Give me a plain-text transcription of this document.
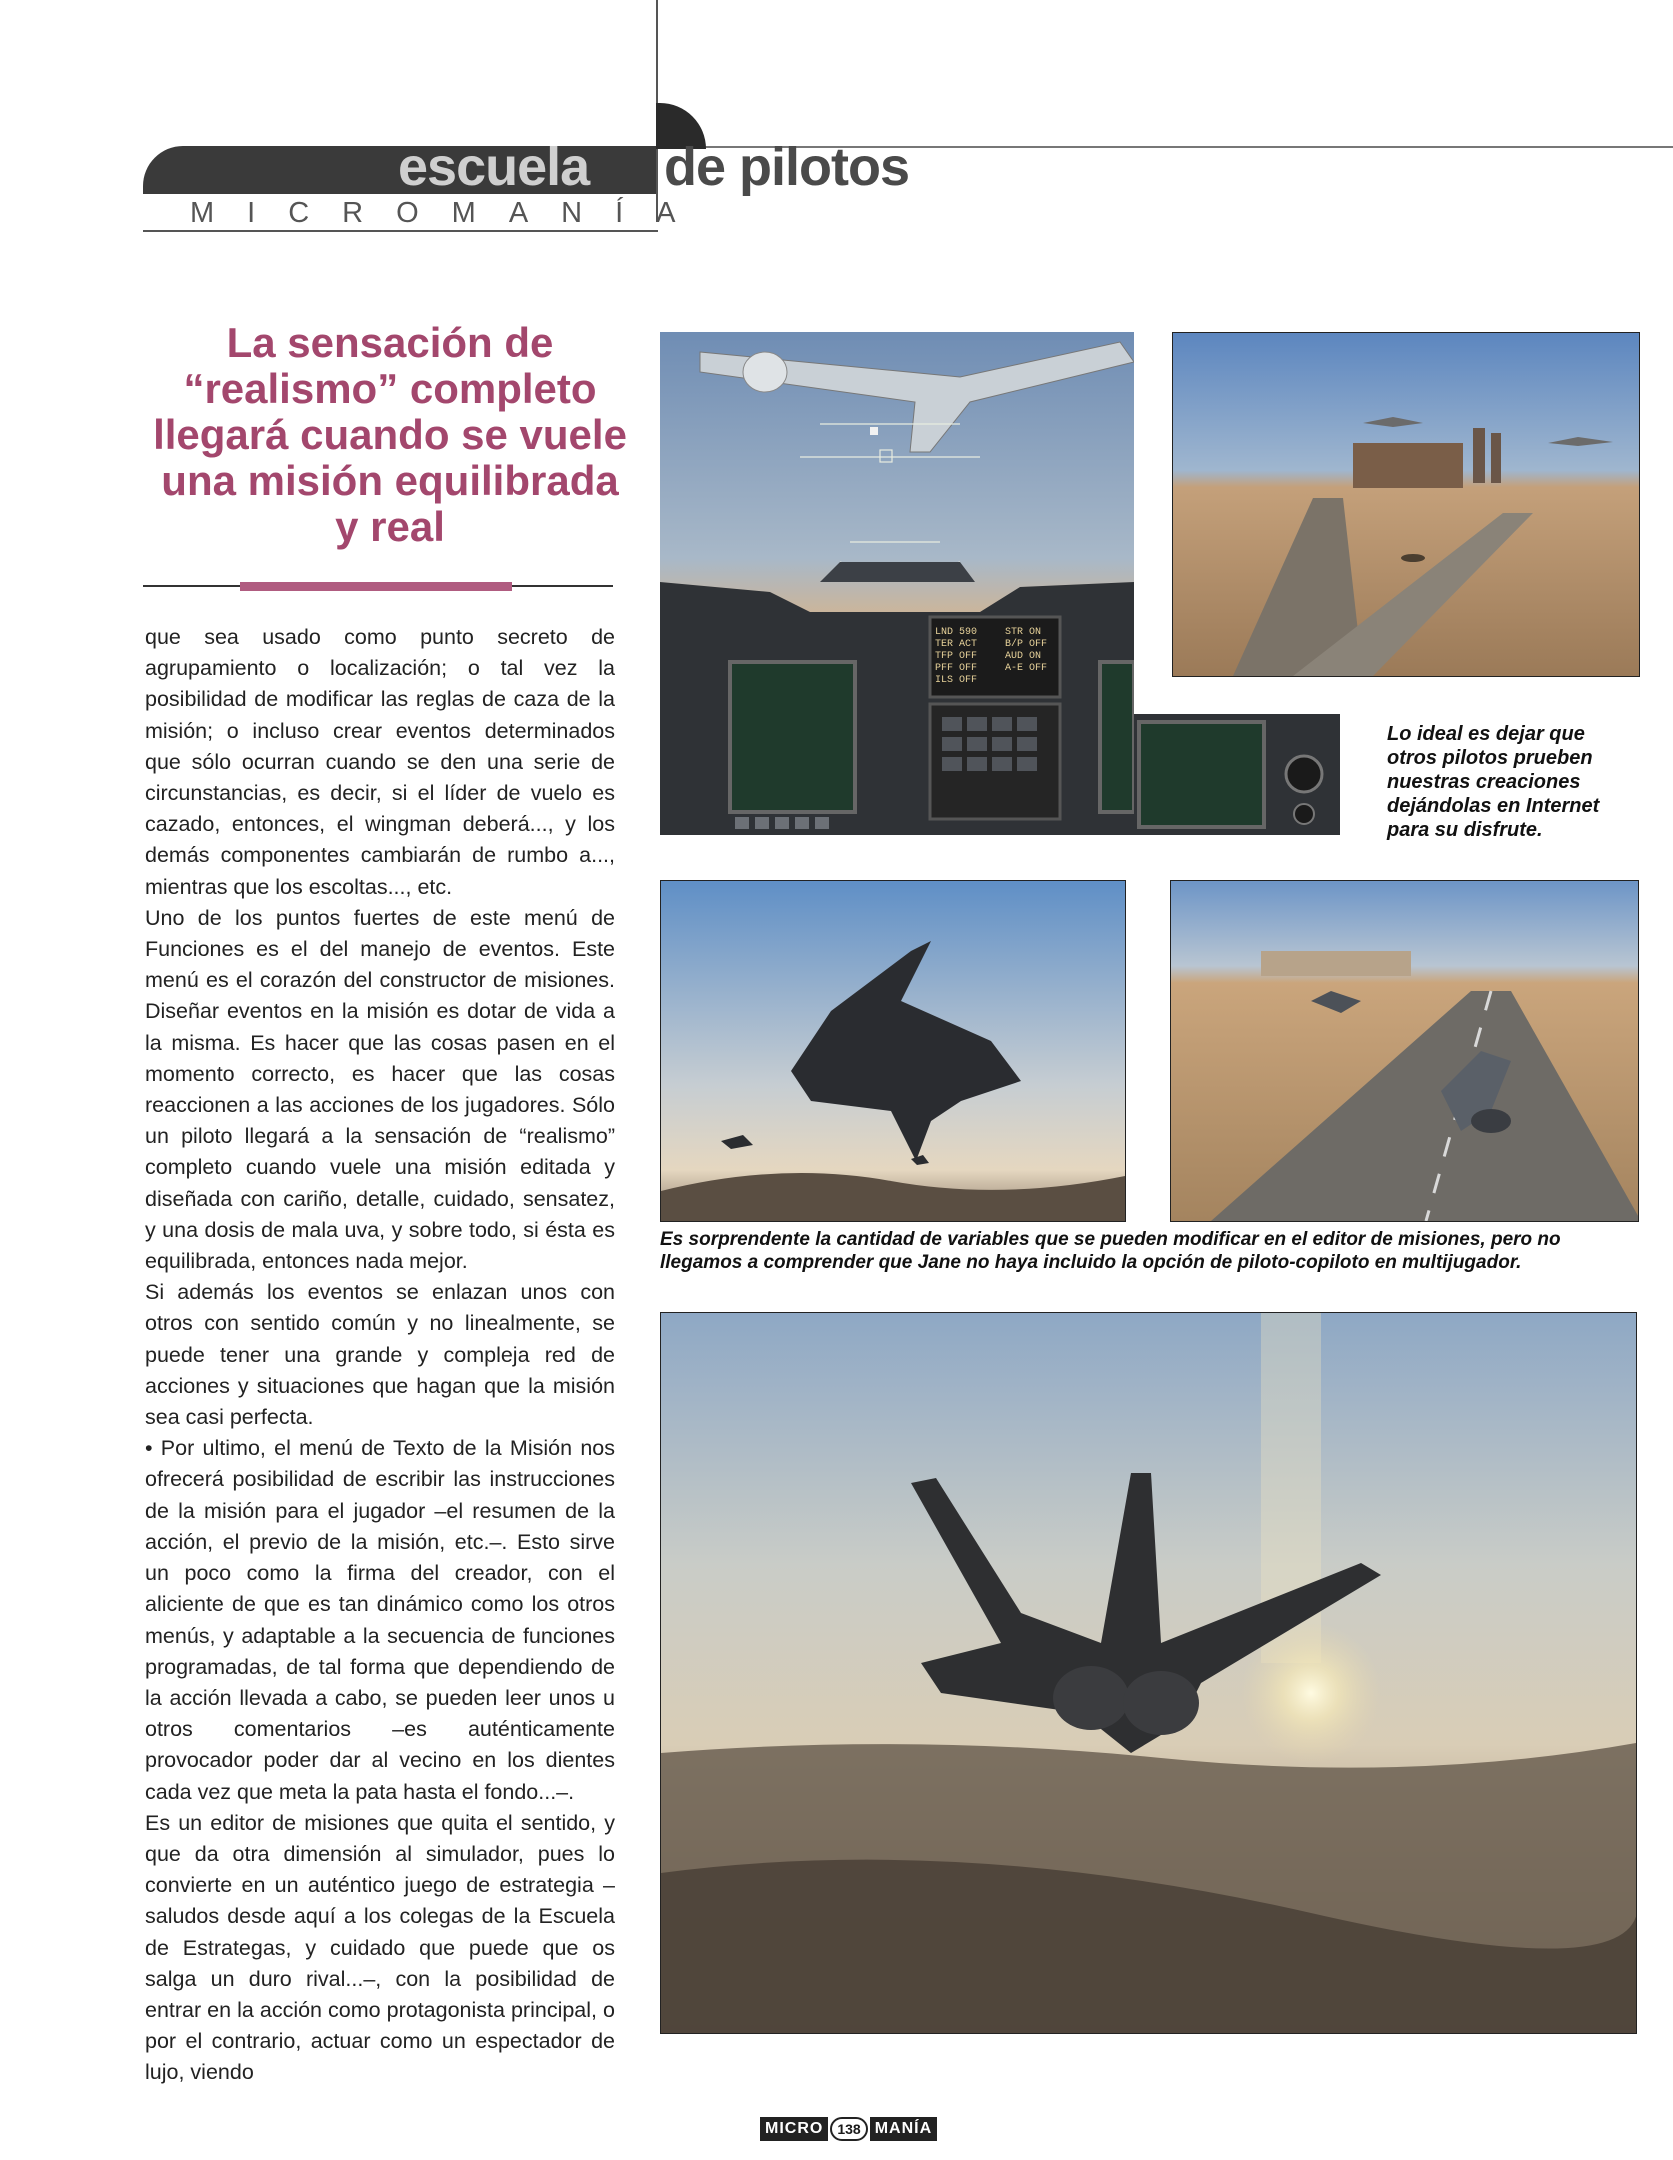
escuela de pilotos
MICROMANÍA
La sensación de “realismo” completo llegará cuando se vuele una misión equilibrada y real

que sea usado como punto secreto de agrupamiento o localización; o tal vez la posibilidad de modificar las reglas de caza de la misión; o incluso crear eventos determinados que sólo ocurran cuando se den una serie de circunstancias, es decir, si el líder de vuelo es cazado, entonces, el wingman deberá..., y los demás componentes cambiarán de rumbo a..., mientras que los escoltas..., etc.

Uno de los puntos fuertes de este menú de Funciones es el del manejo de eventos. Este menú es el corazón del constructor de misiones. Diseñar eventos en la misión es dotar de vida a la misma. Es hacer que las cosas pasen en el momento correcto, es hacer que las cosas reaccionen a las acciones de los jugadores. Sólo un piloto llegará a la sensación de “realismo” completo cuando vuele una misión editada y diseñada con cariño, detalle, cuidado, sensatez, y una dosis de mala uva, y sobre todo, si ésta es equilibrada, entonces nada mejor.

Si además los eventos se enlazan unos con otros con sentido común y no linealmente, se puede tener una grande y compleja red de acciones y situaciones que hagan que la misión sea casi perfecta.

• Por ultimo, el menú de Texto de la Misión nos ofrecerá posibilidad de escribir las instrucciones de la misión para el jugador –el resumen de la acción, el previo de la misión, etc.–. Esto sirve un poco como la firma del creador, con el aliciente de que es tan dinámico como los otros menús, y adaptable a la secuencia de funciones programadas, de tal forma que dependiendo de la acción llevada a cabo, se pueden leer unos u otros comentarios –es auténticamente provocador poder dar al vecino en los dientes cada vez que meta la pata hasta el fondo...–.

Es un editor de misiones que quita el sentido, y que da otra dimensión al simulador, pues lo convierte en un auténtico juego de estrategia –saludos desde aquí a los colegas de la Escuela de Estrategas, y cuidado que puede que os salga un duro rival...–, con la posibilidad de entrar en la acción como protagonista principal, o por el contrario, actuar como un espectador de lujo, viendo

LND 590
TER ACT
TFP OFF
PFF OFF
ILS OFF
STR ON
B/P OFF
AUD ON
A-E OFF
Lo ideal es dejar que otros pilotos prueben nuestras creaciones dejándolas en Internet para su disfrute.
Es sorprendente la cantidad de variables que se pueden modificar en el editor de misiones, pero no llegamos a comprender que Jane no haya incluido la opción de piloto-copiloto en multijugador.
MICRO	138 MANÍA
